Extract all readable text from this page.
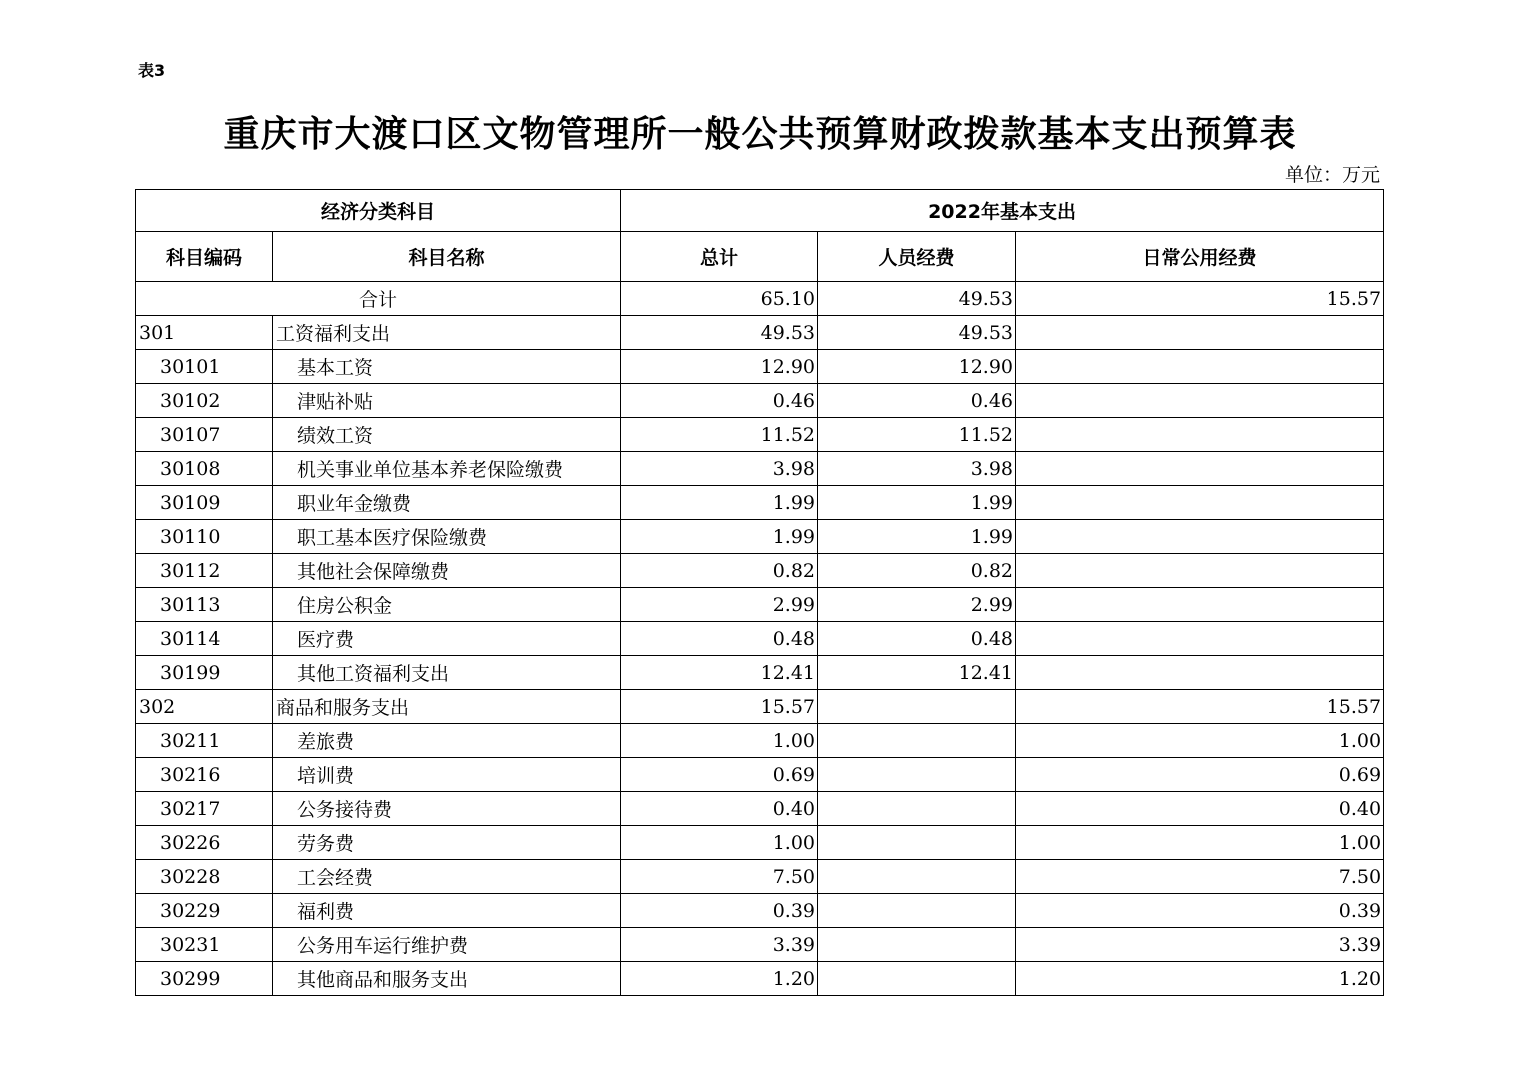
表3
重庆市大渡口区文物管理所一般公共预算财政拨款基本支出预算表
单位：万元
经济分类科目		2022年基本支出		
科目编码	科目名称	总计	人员经费	日常公用经费
合计		65.10	49.53	15.57
301	工资福利支出	49.53	49.53	
30101	基本工资	12.90	12.90	
30102	津贴补贴	0.46	0.46	
30107	绩效工资	11.52	11.52	
30108	机关事业单位基本养老保险缴费	3.98	3.98	
30109	职业年金缴费	1.99	1.99	
30110	职工基本医疗保险缴费	1.99	1.99	
30112	其他社会保障缴费	0.82	0.82	
30113	住房公积金	2.99	2.99	
30114	医疗费	0.48	0.48	
30199	其他工资福利支出	12.41	12.41	
302	商品和服务支出	15.57		15.57
30211	差旅费	1.00		1.00
30216	培训费	0.69		0.69
30217	公务接待费	0.40		0.40
30226	劳务费	1.00		1.00
30228	工会经费	7.50		7.50
30229	福利费	0.39		0.39
30231	公务用车运行维护费	3.39		3.39
30299	其他商品和服务支出	1.20		1.20
